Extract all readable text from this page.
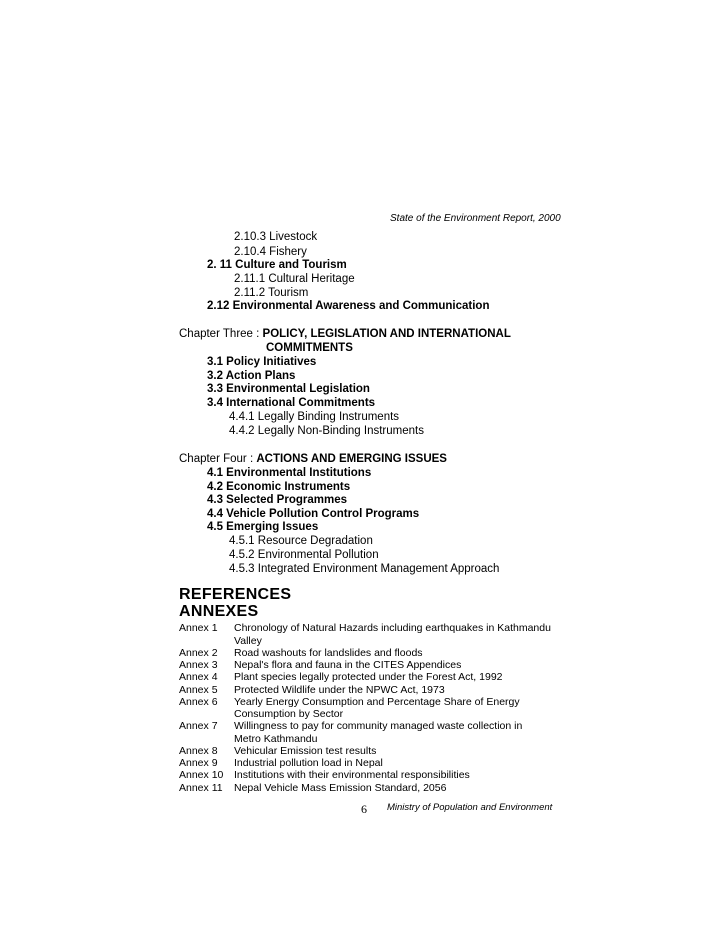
State of the Environment Report, 2000
2.10.3 Livestock
2.10.4 Fishery
2. 11 Culture and Tourism
2.11.1 Cultural Heritage
2.11.2 Tourism
2.12 Environmental Awareness and Communication
Chapter Three : POLICY, LEGISLATION AND INTERNATIONAL
COMMITMENTS
3.1 Policy Initiatives
3.2 Action Plans
3.3 Environmental Legislation
3.4 International Commitments
4.4.1 Legally Binding Instruments
4.4.2 Legally Non-Binding Instruments
Chapter Four : ACTIONS AND EMERGING ISSUES
4.1 Environmental Institutions
4.2 Economic Instruments
4.3 Selected Programmes
4.4 Vehicle Pollution Control Programs
4.5 Emerging Issues
4.5.1 Resource Degradation
4.5.2 Environmental Pollution
4.5.3 Integrated Environment Management Approach
REFERENCES
ANNEXES
Annex 1 Chronology of Natural Hazards including earthquakes in Kathmandu
Valley
Annex 2 Road washouts for landslides and floods
Annex 3 Nepal's flora and fauna in the CITES Appendices
Annex 4 Plant species legally protected under the Forest Act, 1992
Annex 5 Protected Wildlife under the NPWC Act, 1973
Annex 6 Yearly Energy Consumption and Percentage Share of Energy
Consumption by Sector
Annex 7 Willingness to pay for community managed waste collection in
Metro Kathmandu
Annex 8 Vehicular Emission test results
Annex 9 Industrial pollution load in Nepal
Annex 10 Institutions with their environmental responsibilities
Annex 11 Nepal Vehicle Mass Emission Standard, 2056
6 Ministry of Population and Environment
